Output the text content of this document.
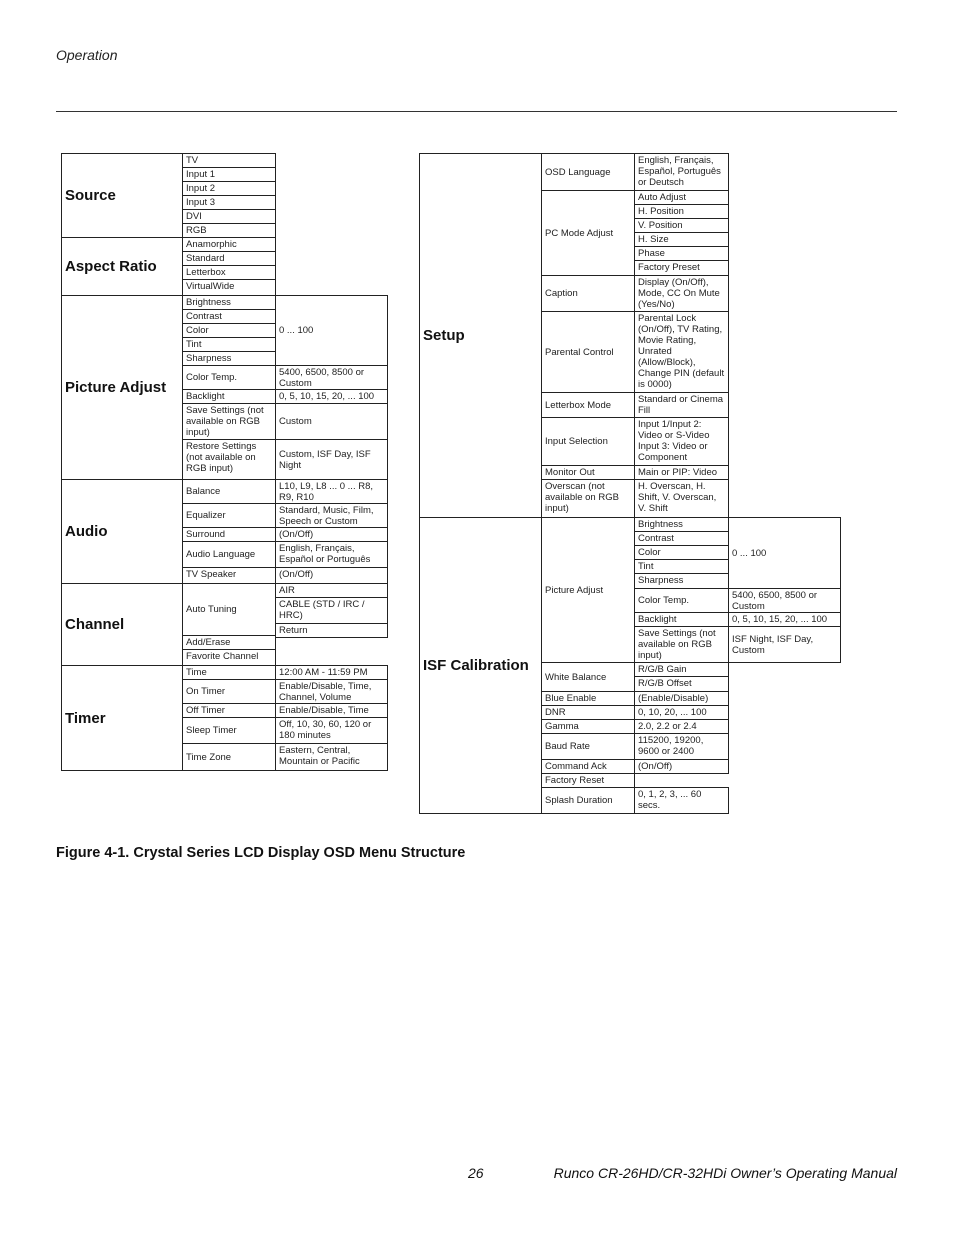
Operation
Source
TV
Input 1
Input 2
Input 3
DVI
RGB
Aspect Ratio
Anamorphic
Standard
Letterbox
VirtualWide
Picture Adjust
Brightness
Contrast
Color
Tint
Sharpness
Color Temp.
Backlight
Save Settings (not available on RGB input)
Restore Settings (not available on RGB input)
0 ... 100
5400, 6500, 8500 or Custom
0, 5, 10, 15, 20, ... 100
Custom
Custom, ISF Day, ISF Night
Audio
Balance
Equalizer
Surround
Audio Language
TV Speaker
L10, L9, L8 ... 0 ... R8, R9, R10
Standard, Music, Film, Speech or Custom
(On/Off)
English, Français, Español or Português
(On/Off)
Channel
Auto Tuning
Add/Erase
Favorite Channel
AIR
CABLE (STD / IRC / HRC)
Return
Timer
Time
On Timer
Off Timer
Sleep Timer
Time Zone
12:00 AM - 11:59 PM
Enable/Disable, Time, Channel, Volume
Enable/Disable, Time
Off, 10, 30, 60, 120 or 180 minutes
Eastern, Central, Mountain or Pacific
Setup
OSD Language
PC Mode Adjust
Caption
Parental Control
Letterbox Mode
Input Selection
Monitor Out
Overscan (not available on RGB input)
English, Français, Español, Português or Deutsch
Auto Adjust
H. Position
V. Position
H. Size
Phase
Factory Preset
Display (On/Off), Mode, CC On Mute (Yes/No)
Parental Lock (On/Off), TV Rating, Movie Rating, Unrated (Allow/Block), Change PIN (default is 0000)
Standard or Cinema Fill
Input 1/Input 2: Video or S-Video Input 3: Video or Component
Main or PIP: Video
H. Overscan, H. Shift, V. Overscan, V. Shift
ISF Calibration
Picture Adjust
White Balance
Blue Enable
DNR
Gamma
Baud Rate
Command Ack
Factory Reset
Splash Duration
Brightness
Contrast
Color
Tint
Sharpness
Color Temp.
Backlight
Save Settings (not available on RGB input)
0 ... 100
5400, 6500, 8500 or Custom
0, 5, 10, 15, 20, ... 100
ISF Night, ISF Day, Custom
R/G/B Gain
R/G/B Offset
(Enable/Disable)
0, 10, 20, ... 100
2.0, 2.2 or 2.4
115200, 19200, 9600 or 2400
(On/Off)
0, 1, 2, 3, ... 60 secs.
Figure 4-1. Crystal Series LCD Display OSD Menu Structure
26	Runco CR-26HD/CR-32HDi Owner’s Operating Manual
